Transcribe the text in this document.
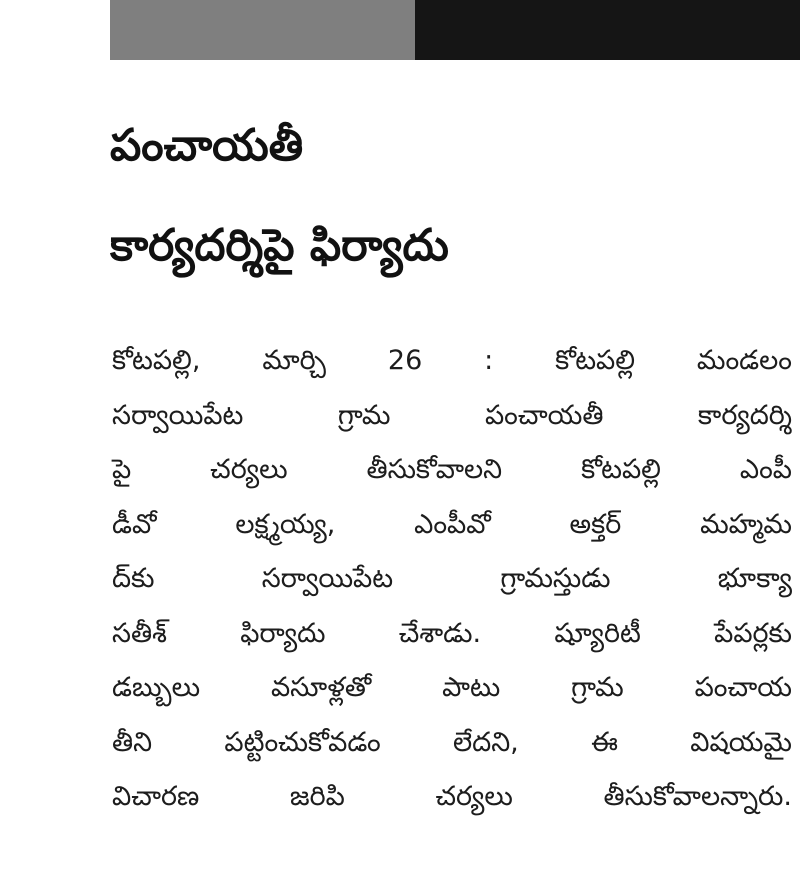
పంచాయతీ
కార్యదర్శిపై ఫిర్యాదు
కోటపల్లి, మార్చి 26 : కోటపల్లి మండలం
సర్వాయిపేట గ్రామ పంచాయతీ కార్యదర్శి
పై చర్యలు తీసుకోవాలని కోటపల్లి ఎంపీ
డీవో లక్ష్మయ్య, ఎంపీవో అక్తర్ మహ్మమ
ద్‌కు సర్వాయిపేట గ్రామస్తుడు భూక్యా
సతీశ్ ఫిర్యాదు చేశాడు. ష్యూరిటీ పేపర్లకు
డబ్బులు వసూళ్లతో పాటు గ్రామ పంచాయ
తీని పట్టించుకోవడం లేదని, ఈ విషయమై
విచారణ జరిపి చర్యలు తీసుకోవాలన్నారు.
